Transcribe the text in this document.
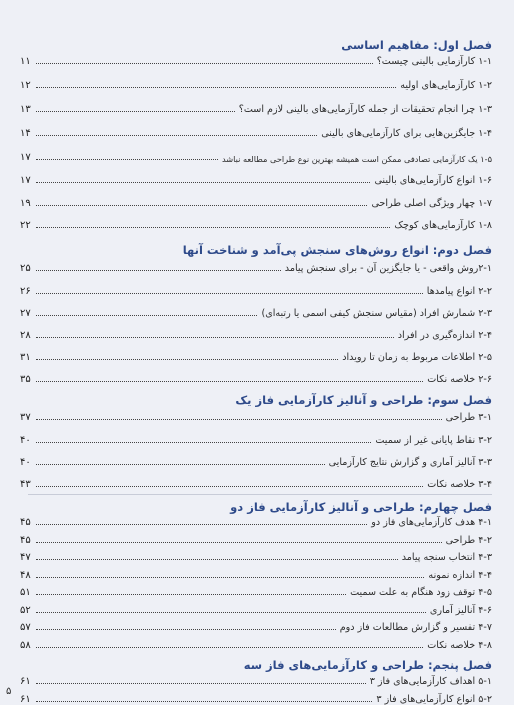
فصل اول: مفاهیم اساسی
۱-۱ کارآزمایی بالینی چیست؟
۱۱
۱-۲ کارآزمایی‌های اولیه
۱۲
۱-۳ چرا انجام تحقیقات از جمله کارآزمایی‌های بالینی لازم است؟
۱۳
۱-۴ جایگزین‌هایی برای کارآزمایی‌های بالینی
۱۴
۱-۵ یک کارآزمایی تصادفی ممکن است همیشه بهترین نوع طراحی مطالعه نباشد
۱۷
۱-۶ انواع کارآزمایی‌های بالینی
۱۷
۱-۷ چهار ویژگی اصلی طراحی
۱۹
۱-۸ کارآزمایی‌های کوچک
۲۲
فصل دوم: انواع روش‌های سنجش پی‌آمد و شناخت آنها
۲-۱روش واقعی - یا جایگزین آن - برای سنجش پیامد
۲۵
۲-۲ انواع پیامدها
۲۶
۲-۳ شمارش افراد (مقیاس سنجش کیفی اسمی یا رتبه‌ای)
۲۷
۲-۴ اندازه‌گیری در افراد
۲۸
۲-۵ اطلاعات مربوط به زمان تا رویداد
۳۱
۲-۶ خلاصه نکات
۳۵
فصل سوم: طراحی و آنالیز کارآزمایی فاز یک
۳-۱ طراحی
۳۷
۳-۲ نقاط پایانی غیر از سمیت
۴۰
۳-۳ آنالیز آماری و گزارش نتایج کارآزمایی
۴۰
۳-۴ خلاصه نکات
۴۳
فصل چهارم: طراحی و آنالیز کارآزمایی فاز دو
۴-۱ هدف کارآزمایی‌های فاز دو
۴۵
۴-۲ طراحی
۴۵
۴-۳ انتخاب سنجه پیامد
۴۷
۴-۴ اندازه نمونه
۴۸
۴-۵ توقف زود هنگام به علت سمیت
۵۱
۴-۶ آنالیز آماری
۵۲
۴-۷ تفسیر و گزارش مطالعات فاز دوم
۵۷
۴-۸ خلاصه نکات
۵۸
فصل پنجم: طراحی و کارآزمایی‌های فاز سه
۵-۱ اهداف کارآزمایی‌های فاز ۳
۶۱
۵-۲ انواع کارآزمایی‌های فاز ۳
۶۱
۵
